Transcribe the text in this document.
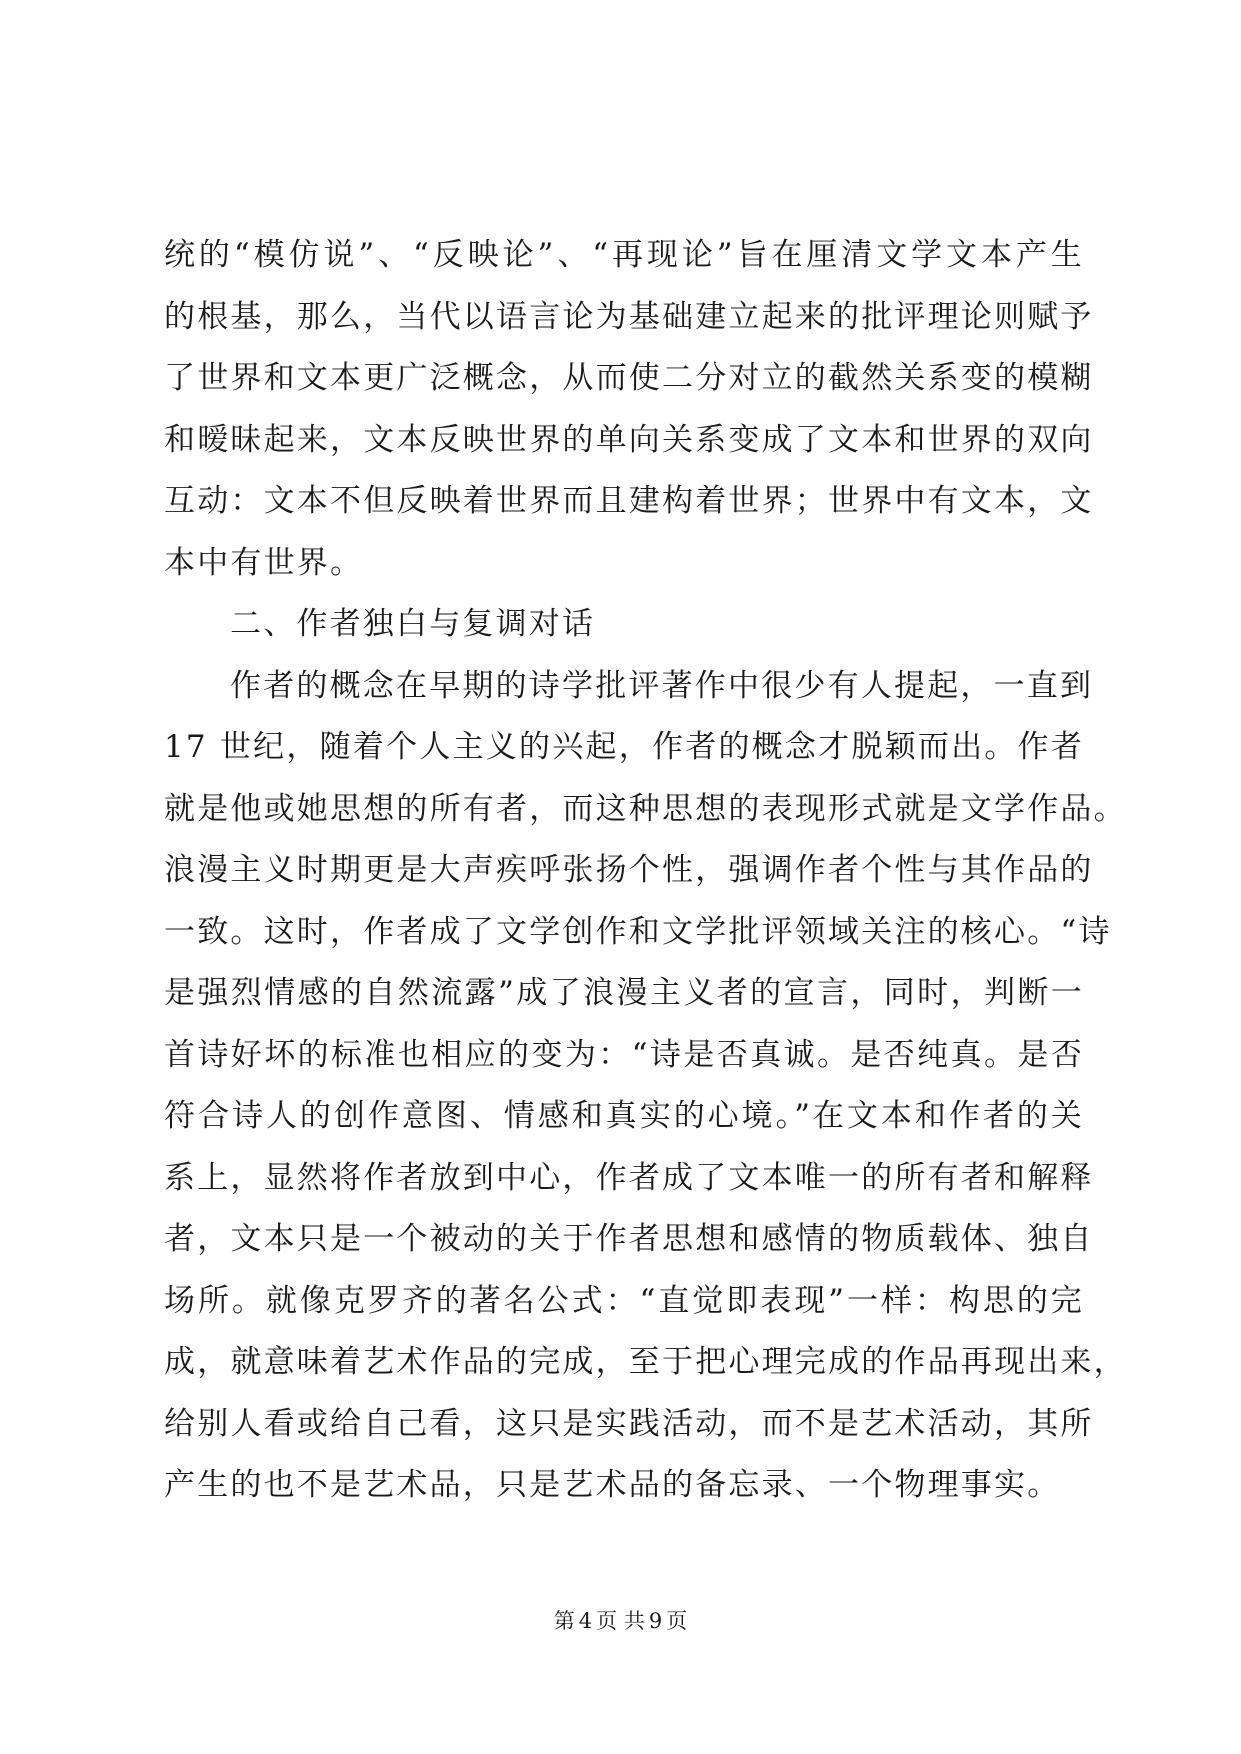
统的“模仿说”、“反映论”、“再现论”旨在厘清文学文本产生
的根基，那么，当代以语言论为基础建立起来的批评理论则赋予
了世界和文本更广泛概念，从而使二分对立的截然关系变的模糊
和暧昧起来，文本反映世界的单向关系变成了文本和世界的双向
互动：文本不但反映着世界而且建构着世界；世界中有文本，文
本中有世界。
二、作者独白与复调对话
作者的概念在早期的诗学批评著作中很少有人提起，一直到
17 世纪，随着个人主义的兴起，作者的概念才脱颖而出。作者
就是他或她思想的所有者，而这种思想的表现形式就是文学作品。
浪漫主义时期更是大声疾呼张扬个性，强调作者个性与其作品的
一致。这时，作者成了文学创作和文学批评领域关注的核心。“诗
是强烈情感的自然流露”成了浪漫主义者的宣言，同时，判断一
首诗好坏的标准也相应的变为：“诗是否真诚。是否纯真。是否
符合诗人的创作意图、情感和真实的心境。”在文本和作者的关
系上，显然将作者放到中心，作者成了文本唯一的所有者和解释
者，文本只是一个被动的关于作者思想和感情的物质载体、独自
场所。就像克罗齐的著名公式：“直觉即表现”一样：构思的完
成，就意味着艺术作品的完成，至于把心理完成的作品再现出来，
给别人看或给自己看，这只是实践活动，而不是艺术活动，其所
产生的也不是艺术品，只是艺术品的备忘录、一个物理事实。
第 4 页 共 9 页
